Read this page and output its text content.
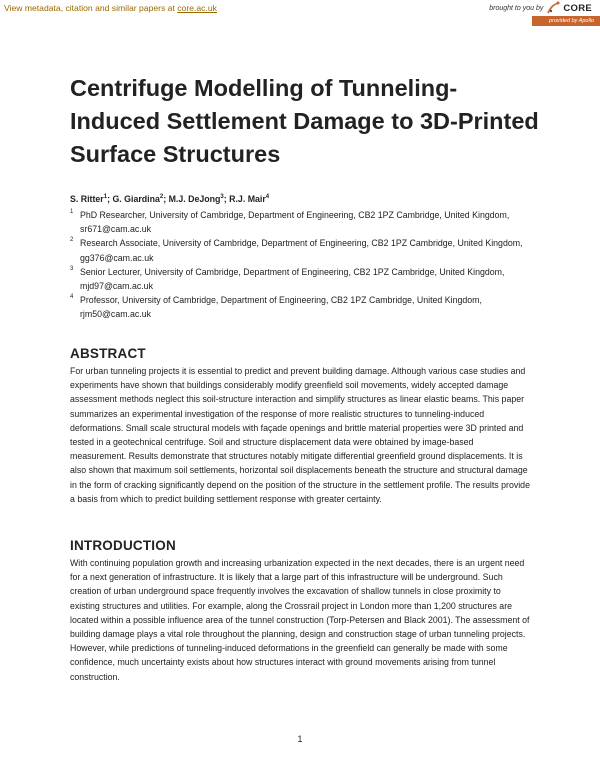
View metadata, citation and similar papers at core.ac.uk	brought to you by CORE
provided by Apollo
Centrifuge Modelling of Tunneling-Induced Settlement Damage to 3D-Printed Surface Structures
S. Ritter$^1$; G. Giardina$^2$; M.J. DeJong$^3$; R.J. Mair$^4$
1 PhD Researcher, University of Cambridge, Department of Engineering, CB2 1PZ Cambridge, United Kingdom, sr671@cam.ac.uk
2 Research Associate, University of Cambridge, Department of Engineering, CB2 1PZ Cambridge, United Kingdom, gg376@cam.ac.uk
3 Senior Lecturer, University of Cambridge, Department of Engineering, CB2 1PZ Cambridge, United Kingdom, mjd97@cam.ac.uk
4 Professor, University of Cambridge, Department of Engineering, CB2 1PZ Cambridge, United Kingdom, rjm50@cam.ac.uk
ABSTRACT

For urban tunneling projects it is essential to predict and prevent building damage. Although various case studies and experiments have shown that buildings considerably modify greenfield soil movements, widely accepted damage assessment methods neglect this soil-structure interaction and simplify structures as linear elastic beams. This paper summarizes an experimental investigation of the response of more realistic structures to tunneling-induced deformations. Small scale structural models with façade openings and brittle material properties were 3D printed and tested in a geotechnical centrifuge. Soil and structure displacement data were obtained by image-based measurement. Results demonstrate that structures notably mitigate differential greenfield ground displacements. It is also shown that maximum soil settlements, horizontal soil displacements beneath the structure and structural damage in the form of cracking significantly depend on the position of the structure in the settlement profile. The results provide a basis from which to predict building settlement response with greater certainty.

INTRODUCTION

With continuing population growth and increasing urbanization expected in the next decades, there is an urgent need for a next generation of infrastructure. It is likely that a large part of this infrastructure will be underground. Such creation of urban underground space frequently involves the excavation of shallow tunnels in close proximity to existing structures and utilities. For example, along the Crossrail project in London more than 1,200 structures are located within a possible influence area of the tunnel construction (Torp-Petersen and Black 2001). The assessment of building damage plays a vital role throughout the planning, design and construction stage of urban tunneling projects. However, while predictions of tunneling-induced deformations in the greenfield can generally be made with some confidence, much uncertainty exists about how structures interact with ground movements arising from tunnel construction.

1
